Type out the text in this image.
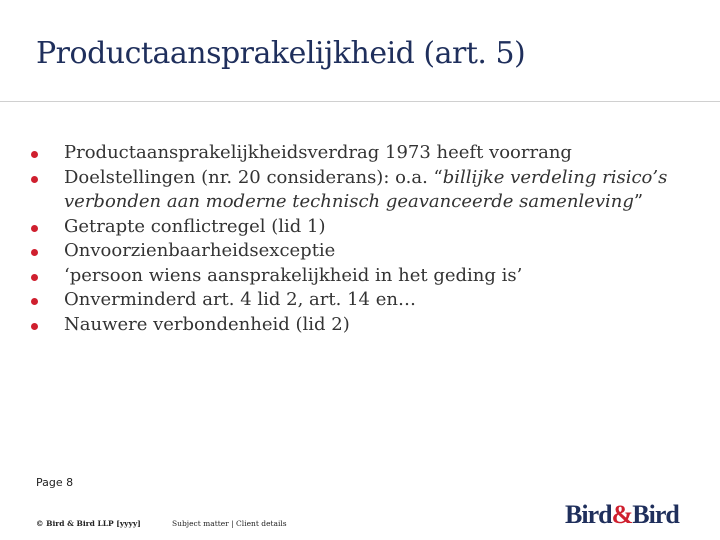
Productaansprakelijkheid (art. 5)
Productaansprakelijkheidsverdrag 1973 heeft voorrang
Doelstellingen (nr. 20 considerans): o.a. “billijke verdeling risico’s verbonden aan moderne technisch geavanceerde samenleving”
Getrapte conflictregel (lid 1)
Onvoorzienbaarheidsexceptie
‘persoon wiens aansprakelijkheid in het geding is’
Onverminderd art. 4 lid 2, art. 14 en…
Nauwere verbondenheid (lid 2)
Page 8
© Bird & Bird LLP [yyyy]	Subject matter | Client details	Bird&Bird
